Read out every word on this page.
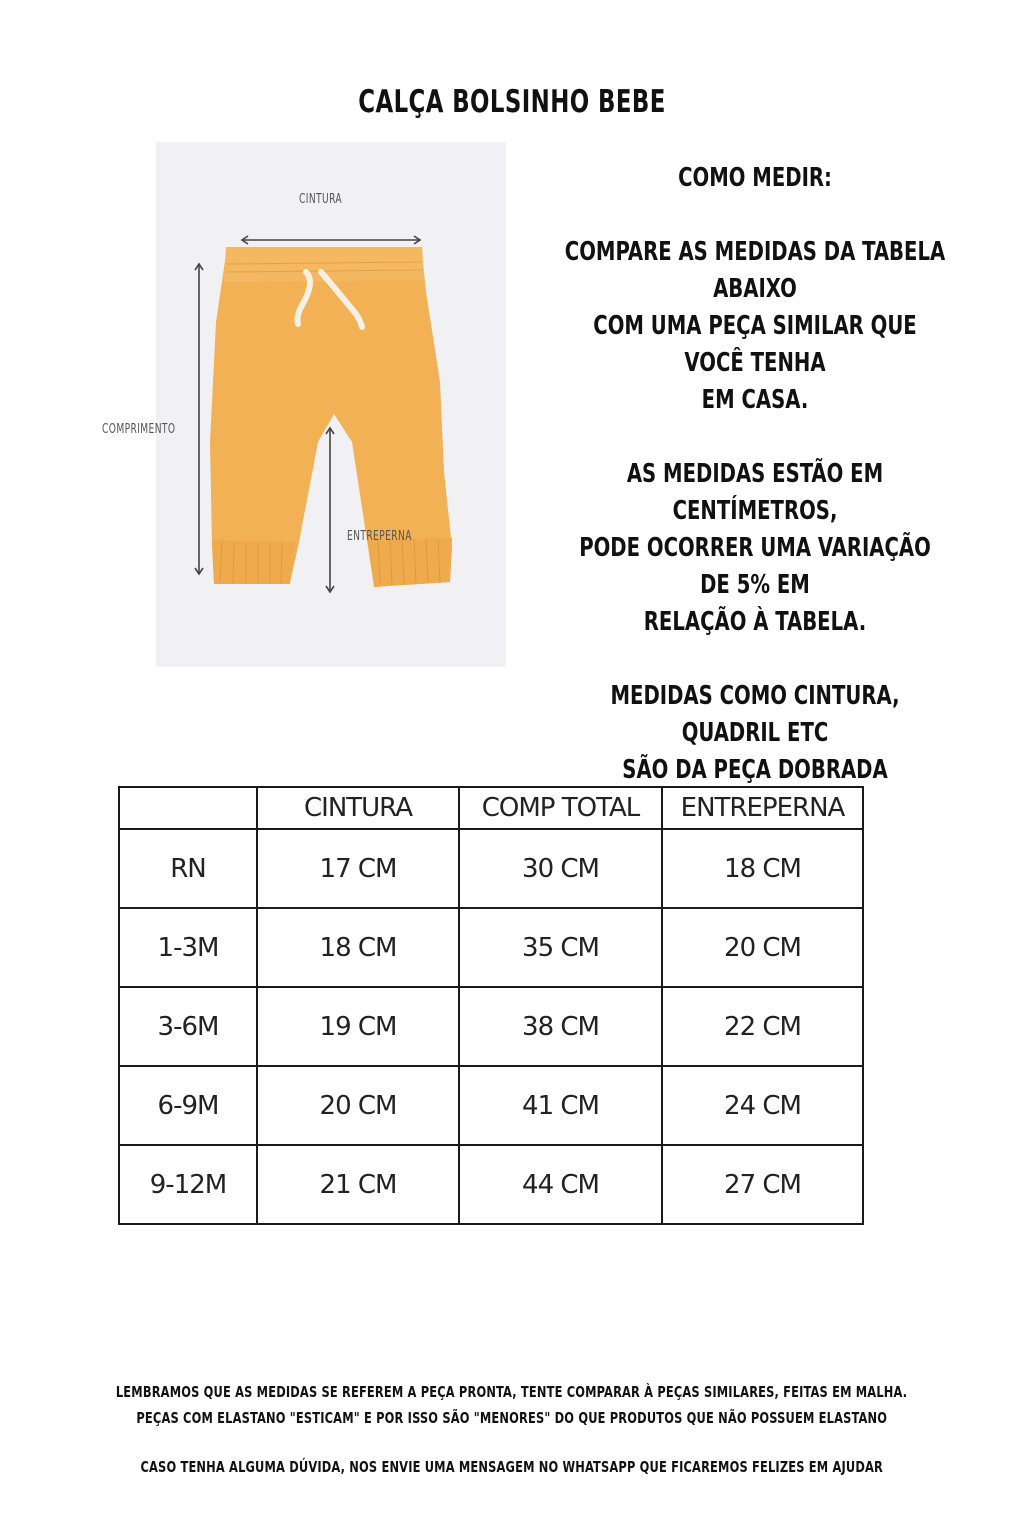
CALÇA BOLSINHO BEBE
CINTURA
COMPRIMENTO
ENTREPERNA

COMO MEDIR:

COMPARE AS MEDIDAS DA TABELA ABAIXO

COM UMA PEÇA SIMILAR QUE VOCÊ TENHA

EM CASA.

AS MEDIDAS ESTÃO EM CENTÍMETROS,

PODE OCORRER UMA VARIAÇÃO DE 5% EM

RELAÇÃO À TABELA.

MEDIDAS COMO CINTURA, QUADRIL ETC

SÃO DA PEÇA DOBRADA

	CINTURA	COMP TOTAL	ENTREPERNA
RN	17 CM	30 CM	18 CM
1-3M	18 CM	35 CM	20 CM
3-6M	19 CM	38 CM	22 CM
6-9M	20 CM	41 CM	24 CM
9-12M	21 CM	44 CM	27 CM
LEMBRAMOS QUE AS MEDIDAS SE REFEREM A PEÇA PRONTA, TENTE COMPARAR À PEÇAS SIMILARES, FEITAS EM MALHA.
PEÇAS COM ELASTANO "ESTICAM" E POR ISSO SÃO "MENORES" DO QUE PRODUTOS QUE NÃO POSSUEM ELASTANO
CASO TENHA ALGUMA DÚVIDA, NOS ENVIE UMA MENSAGEM NO WHATSAPP QUE FICAREMOS FELIZES EM AJUDAR
